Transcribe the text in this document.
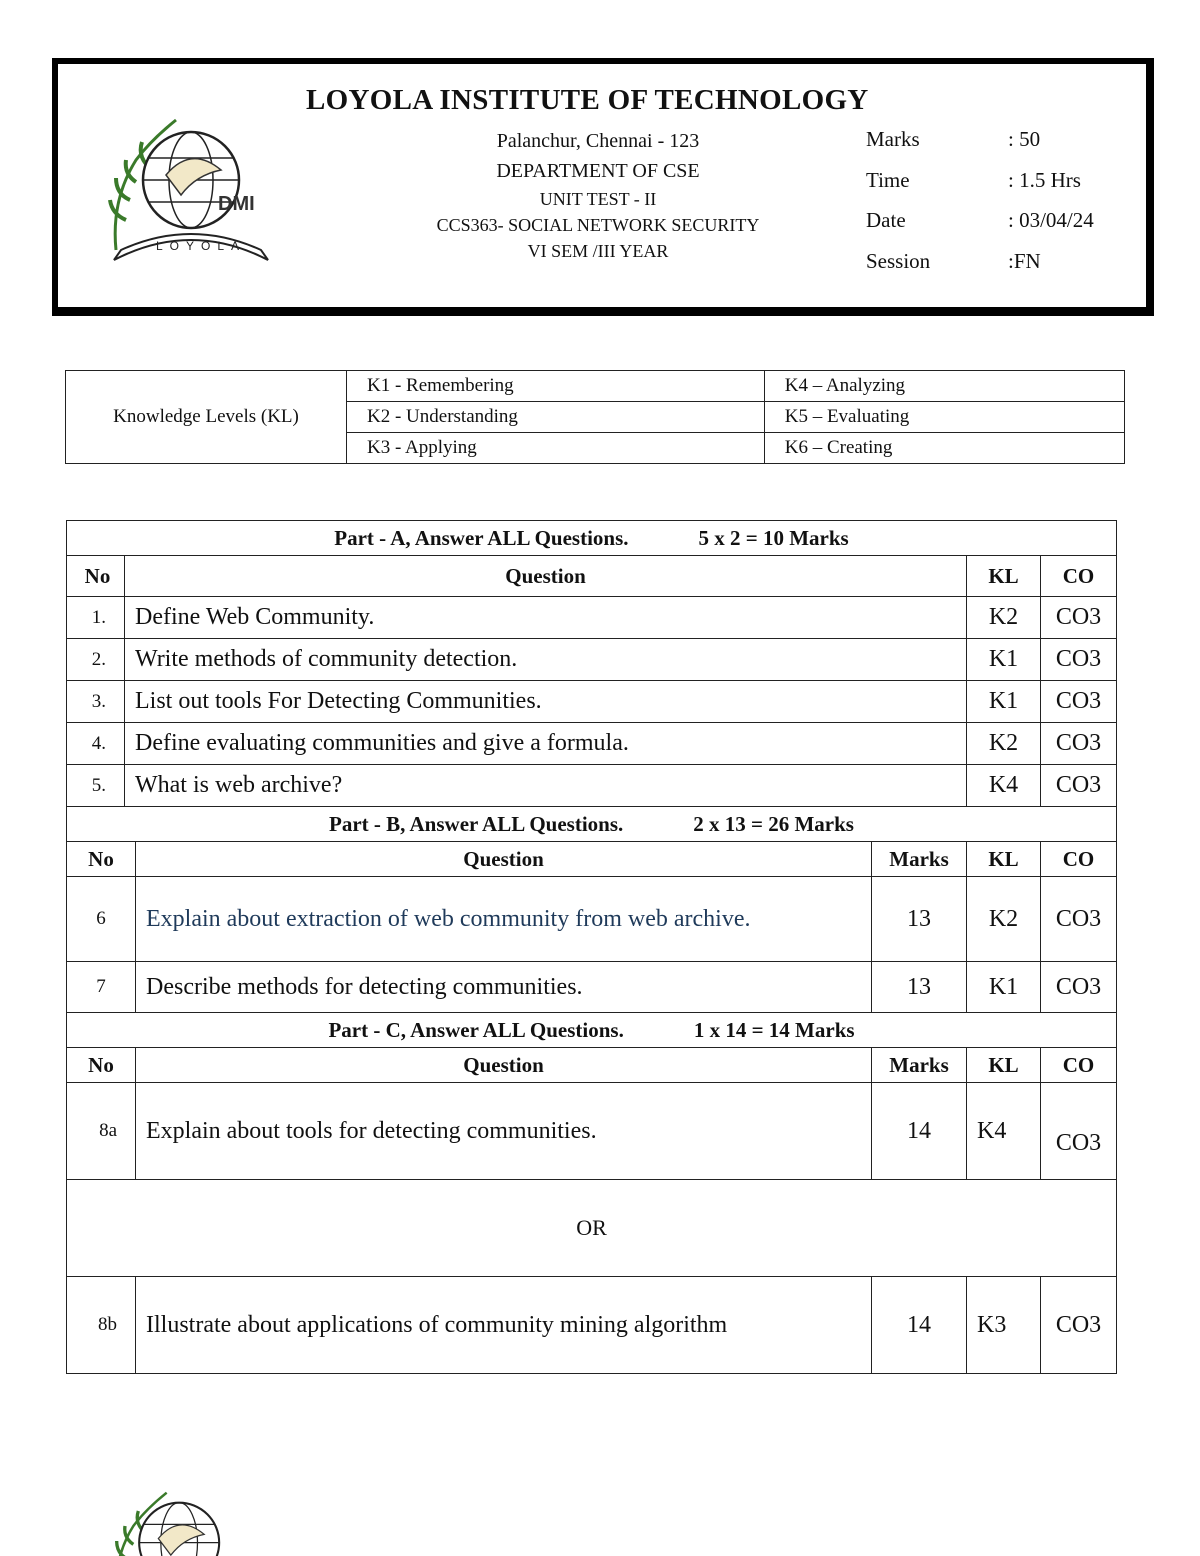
DMI
LOYOLA
LOYOLA INSTITUTE OF TECHNOLOGY
Palanchur, Chennai - 123
DEPARTMENT OF CSE
UNIT TEST - II
CCS363- SOCIAL NETWORK SECURITY
VI SEM /III YEAR
Marks	: 50
Time	: 1.5 Hrs
Date	: 03/04/24
Session	:FN
Knowledge Levels (KL)	K1 - Remembering	K4 – Analyzing
	K2 - Understanding	K5 – Evaluating
	K3 - Applying	K6 – Creating
Part - A, Answer ALL Questions. 5 x 2 = 10 Marks					
No	Question			KL	CO
1.	Define Web Community.			K2	CO3
2.	Write methods of community detection.			K1	CO3
3.	List out tools For Detecting Communities.			K1	CO3
4.	Define evaluating communities and give a formula.			K2	CO3
5.	What is web archive?			K4	CO3
Part - B, Answer ALL Questions. 2 x 13 = 26 Marks					
No		Question	Marks	KL	CO
6		Explain about extraction of web community from web archive.	13	K2	CO3
7		Describe methods for detecting communities.	13	K1	CO3
Part - C, Answer ALL Questions. 1 x 14 = 14 Marks					
No		Question	Marks	KL	CO
8a		Explain about tools for detecting communities.	14	K4	CO3
OR					
8b		Illustrate about applications of community mining algorithm	14	K3	CO3
